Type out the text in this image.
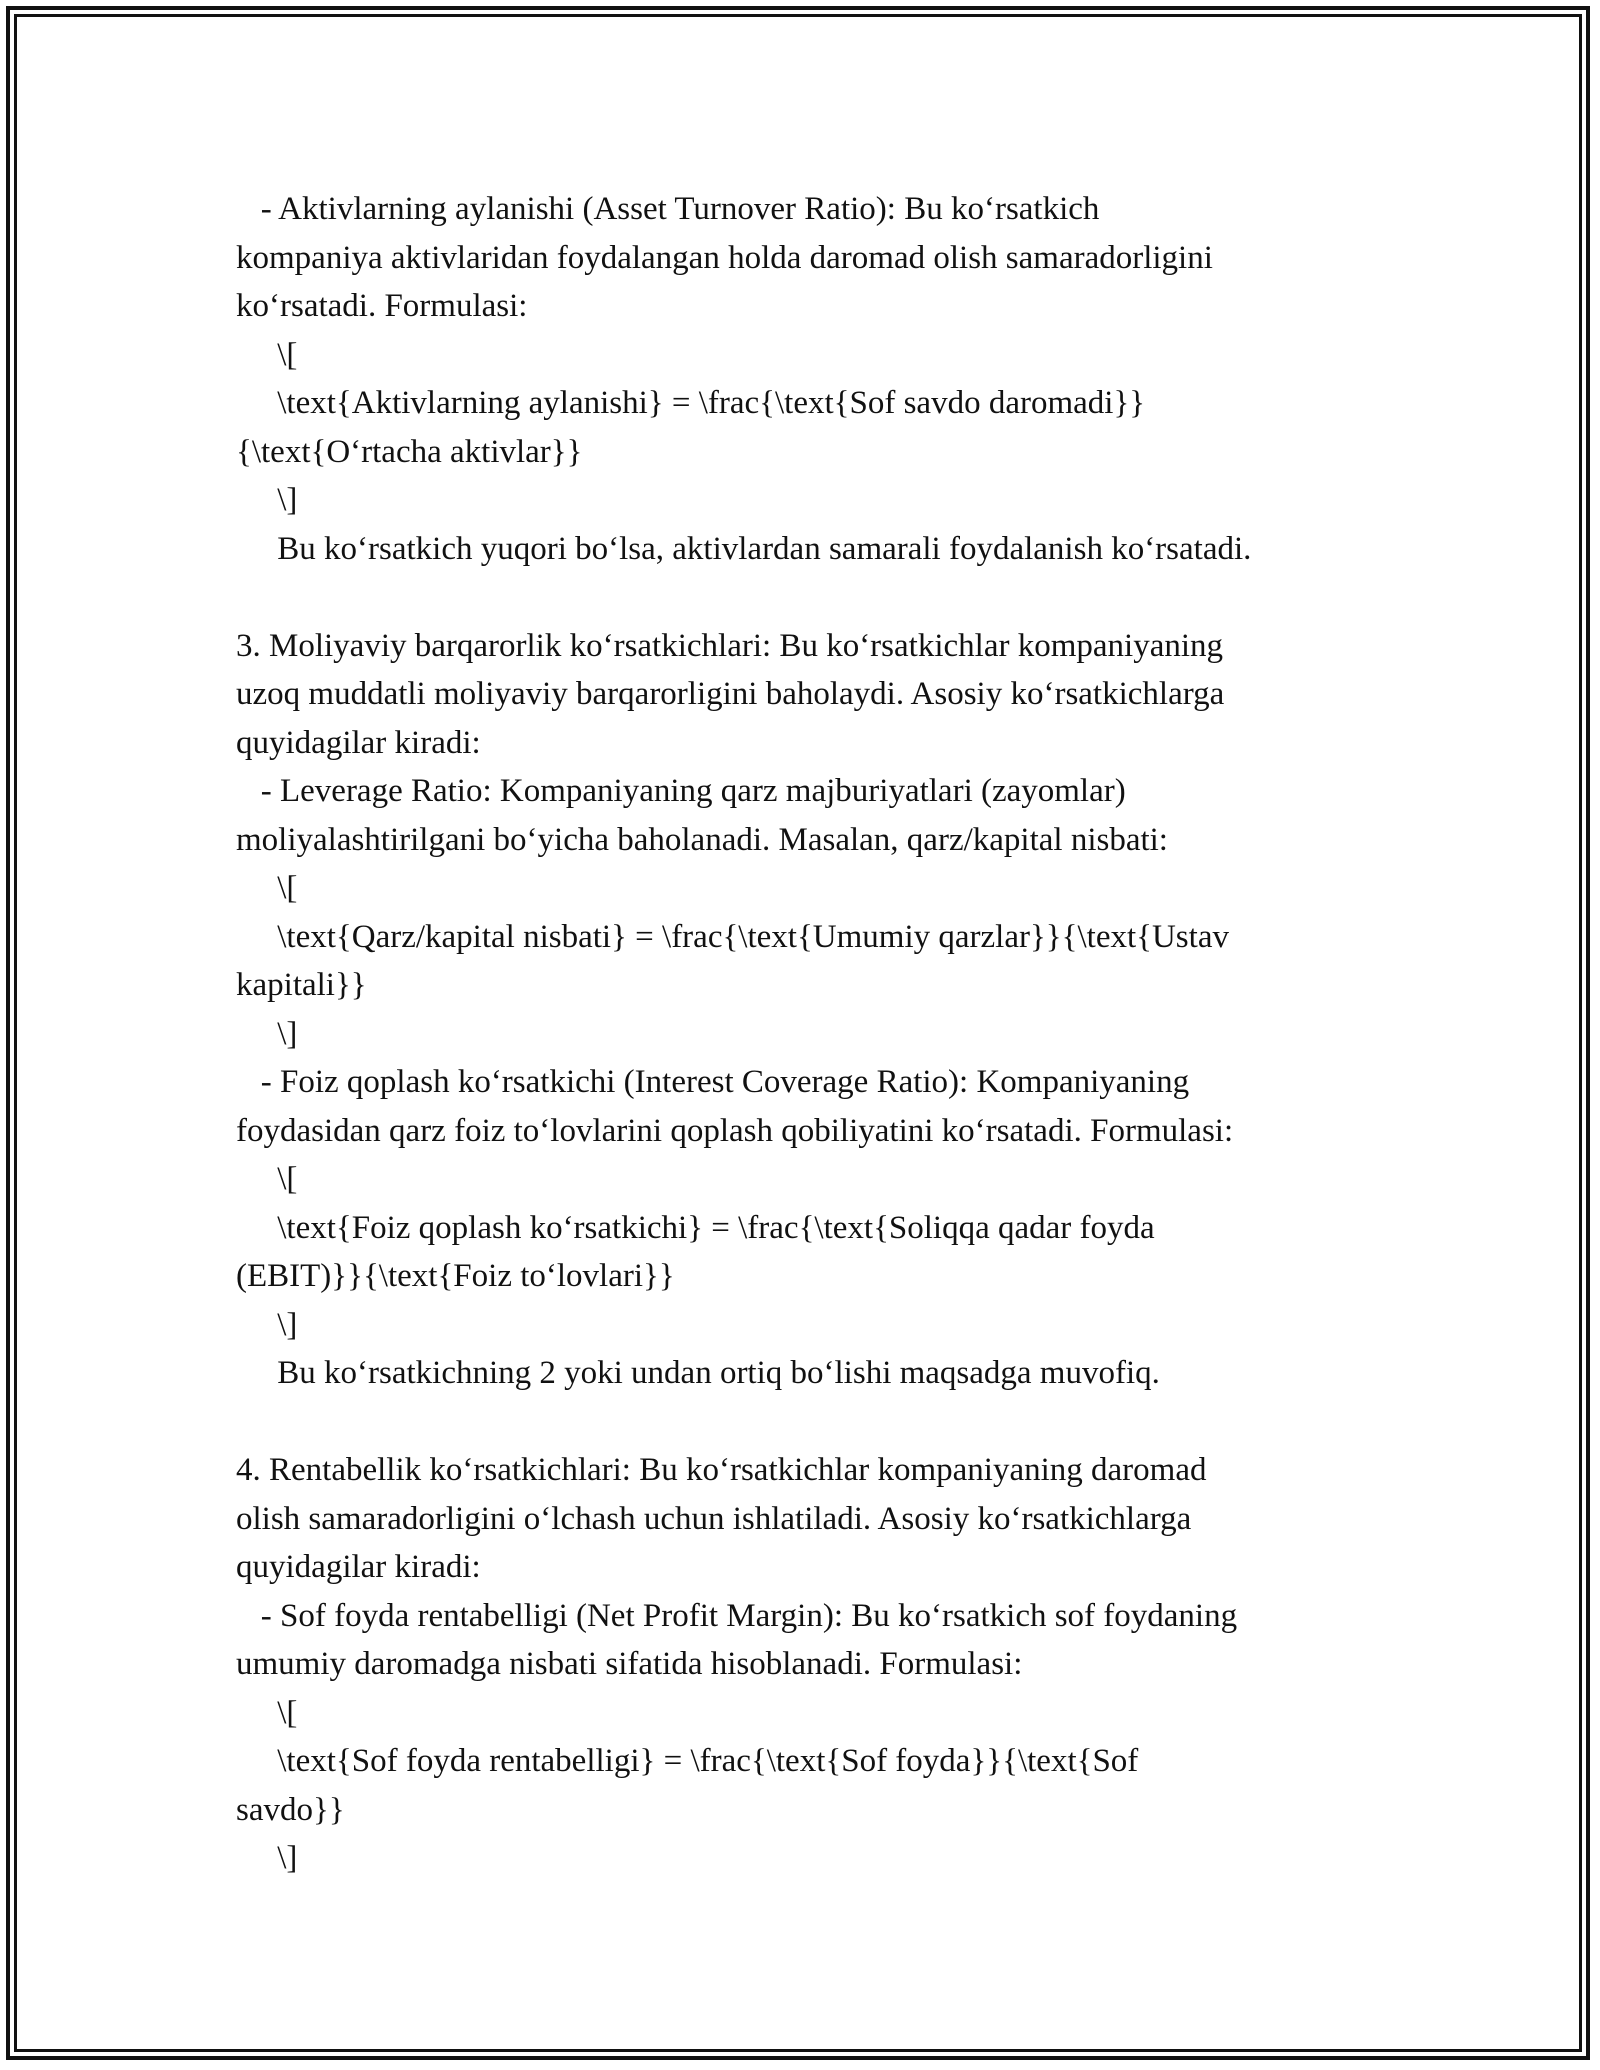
- Aktivlarning aylanishi (Asset Turnover Ratio): Bu ko‘rsatkich
kompaniya aktivlaridan foydalangan holda daromad olish samaradorligini
ko‘rsatadi. Formulasi:
\[
\text{Aktivlarning aylanishi} = \frac{\text{Sof savdo daromadi}}
{\text{O‘rtacha aktivlar}}
\]
Bu ko‘rsatkich yuqori bo‘lsa, aktivlardan samarali foydalanish ko‘rsatadi.
3. Moliyaviy barqarorlik ko‘rsatkichlari: Bu ko‘rsatkichlar kompaniyaning
uzoq muddatli moliyaviy barqarorligini baholaydi. Asosiy ko‘rsatkichlarga
quyidagilar kiradi:
- Leverage Ratio: Kompaniyaning qarz majburiyatlari (zayomlar)
moliyalashtirilgani bo‘yicha baholanadi. Masalan, qarz/kapital nisbati:
\[
\text{Qarz/kapital nisbati} = \frac{\text{Umumiy qarzlar}}{\text{Ustav
kapitali}}
\]
- Foiz qoplash ko‘rsatkichi (Interest Coverage Ratio): Kompaniyaning
foydasidan qarz foiz to‘lovlarini qoplash qobiliyatini ko‘rsatadi. Formulasi:
\[
\text{Foiz qoplash ko‘rsatkichi} = \frac{\text{Soliqqa qadar foyda
(EBIT)}}{\text{Foiz to‘lovlari}}
\]
Bu ko‘rsatkichning 2 yoki undan ortiq bo‘lishi maqsadga muvofiq.
4. Rentabellik ko‘rsatkichlari: Bu ko‘rsatkichlar kompaniyaning daromad
olish samaradorligini o‘lchash uchun ishlatiladi. Asosiy ko‘rsatkichlarga
quyidagilar kiradi:
- Sof foyda rentabelligi (Net Profit Margin): Bu ko‘rsatkich sof foydaning
umumiy daromadga nisbati sifatida hisoblanadi. Formulasi:
\[
\text{Sof foyda rentabelligi} = \frac{\text{Sof foyda}}{\text{Sof
savdo}}
\]
